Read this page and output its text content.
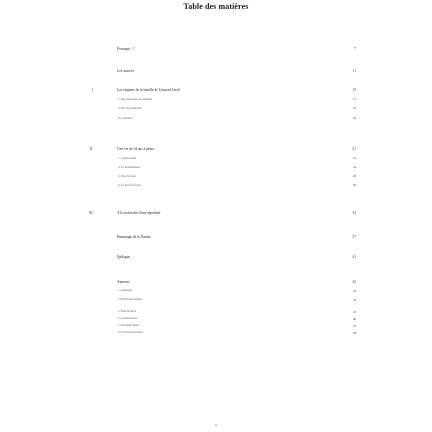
Table des matières
Pourquoi...?	7
Les sources	11
I.	Les origines de la famille de Léonard Leick	15
1. Du grand-père au bisaïeul	15
2. Du côté maternel	16
3. L'enfance	18
II.	Une vie de 34 ans à peine...	21
1. L'entre-deux	21
2. La mobilisation	24
3. Vers le front	26
4. La mort au front	29
III.	A la recherche d'une sépulture	33
Hommage de la Nation	37
Epilogue...	41
Annexes	43
1. Généalogie	43
2. Extraits des registres	44
3. Fiche de décès	45
4. Correspondance	46
5. Documents divers	47
6. Liste des illustrations	48
5
